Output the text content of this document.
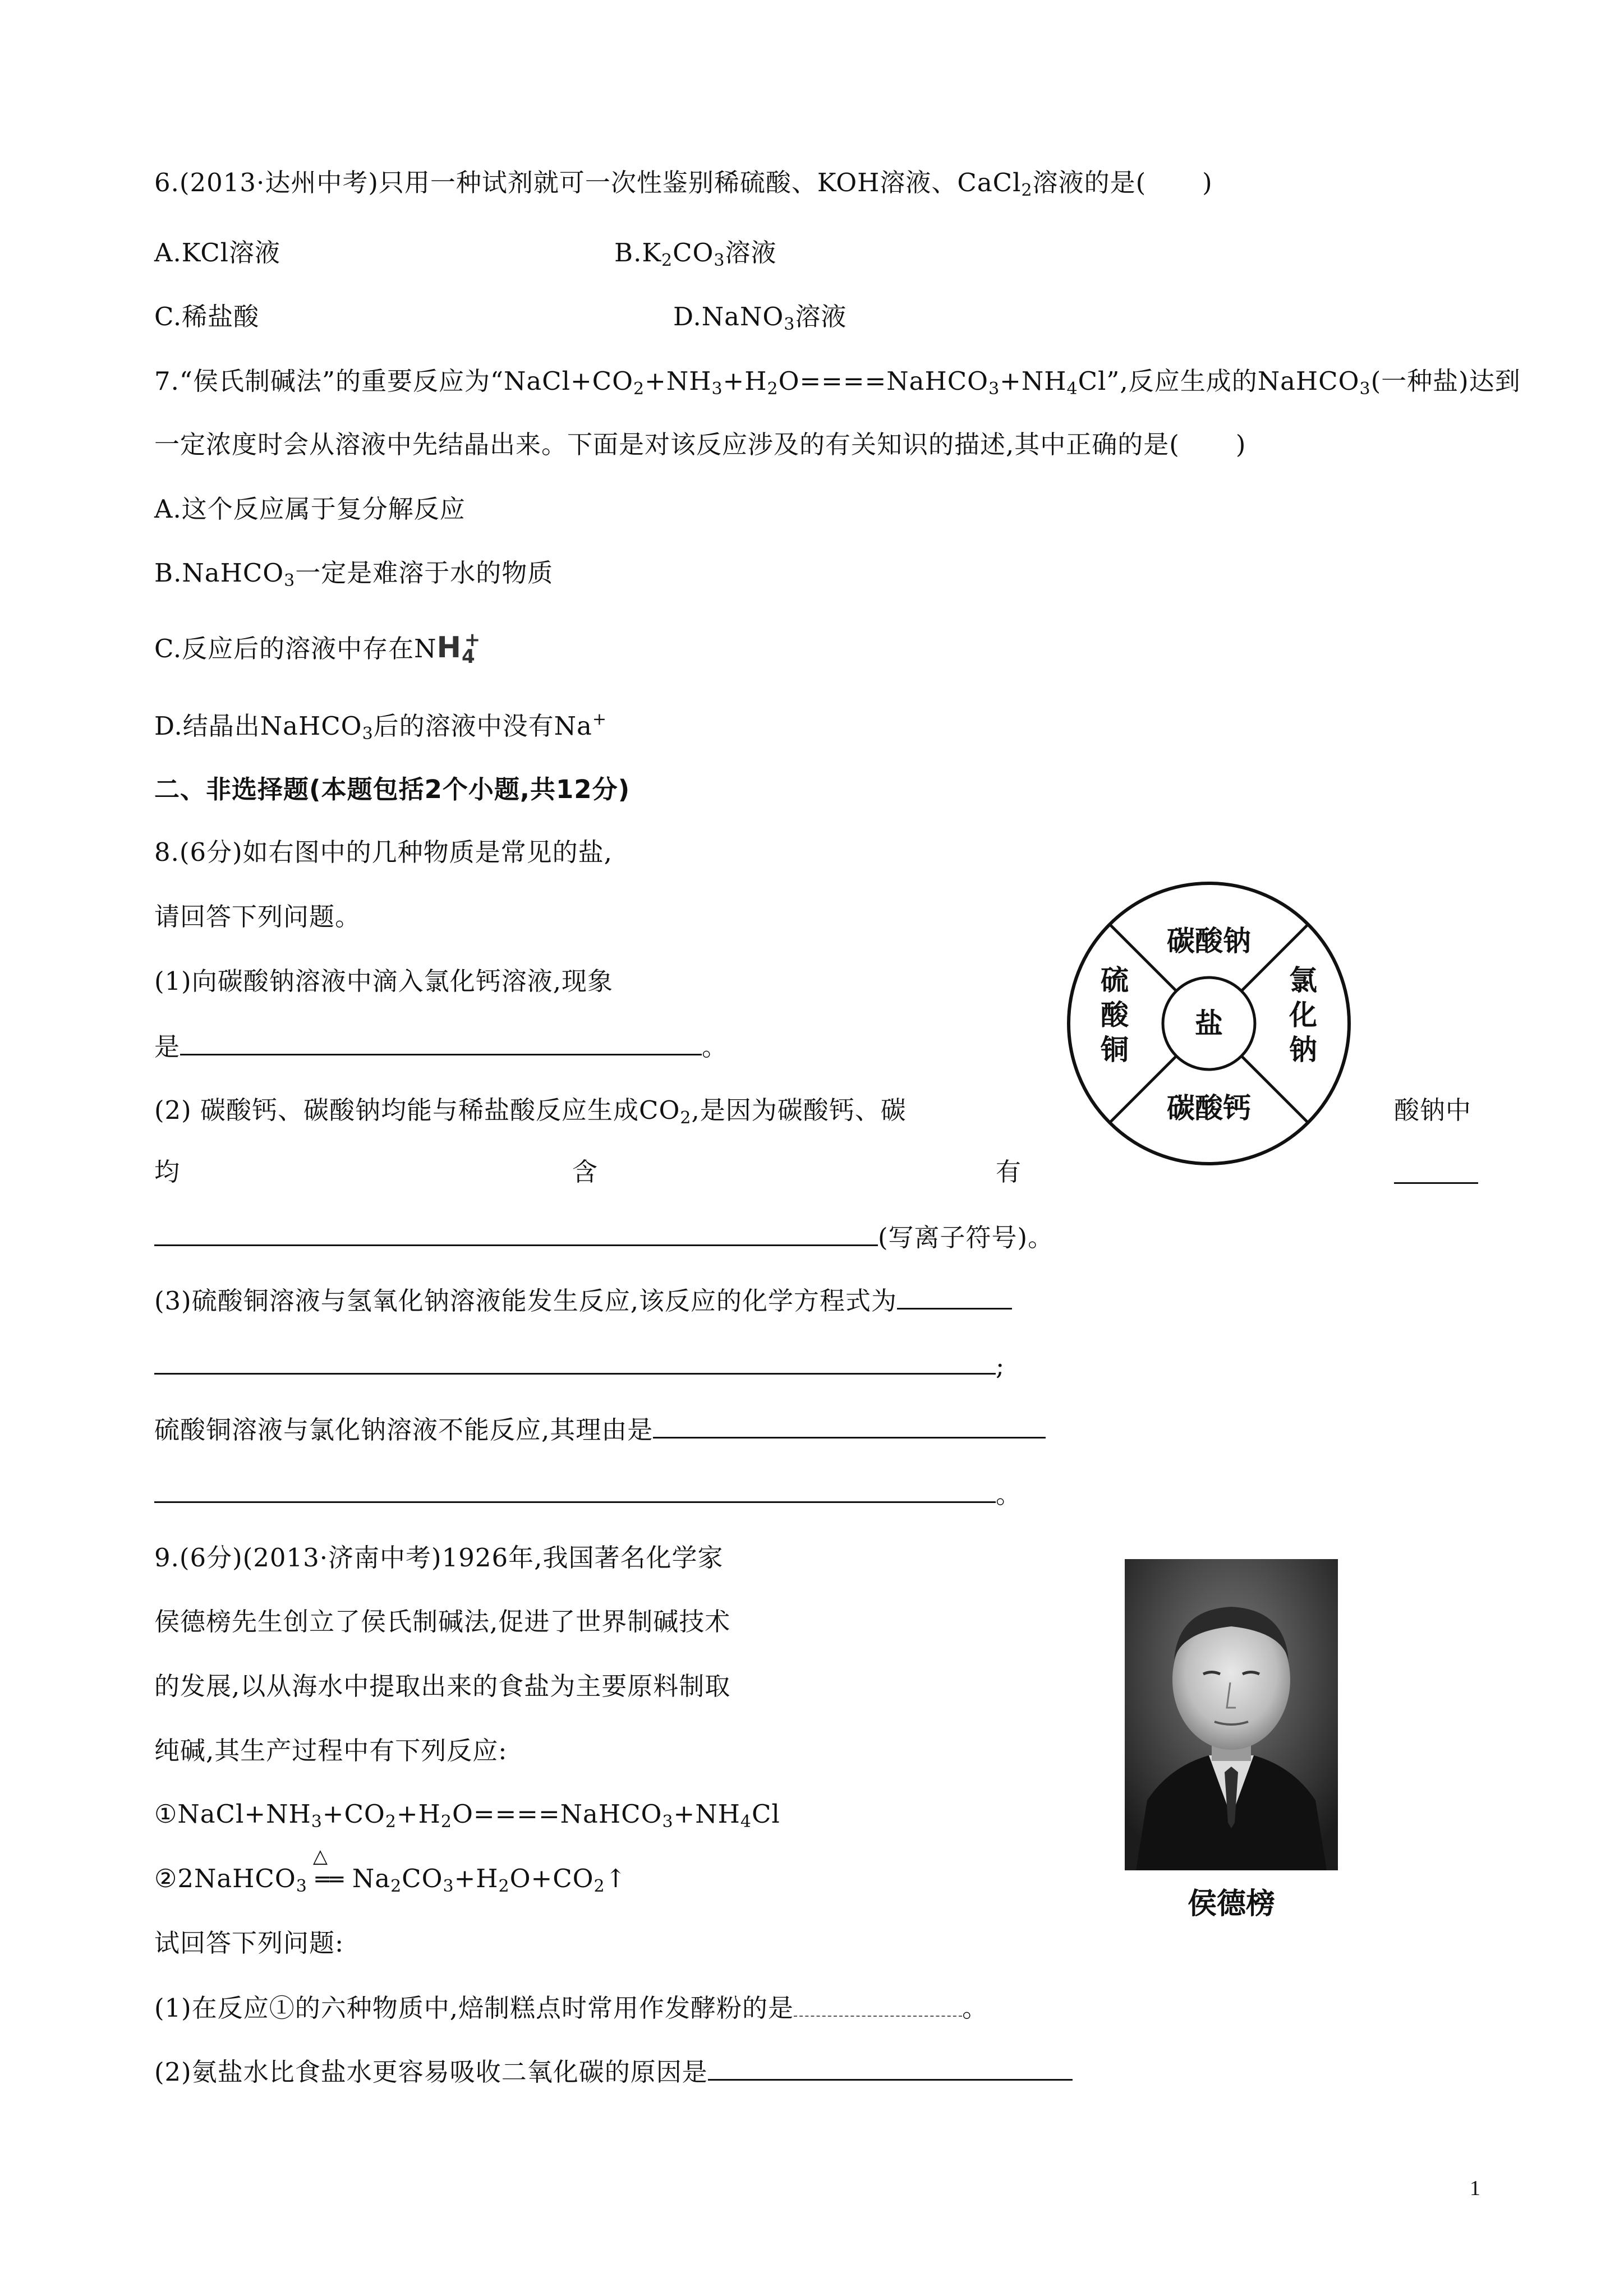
6.(2013·达州中考)只用一种试剂就可一次性鉴别稀硫酸、KOH溶液、CaCl$_2$溶液的是( )
A.KCl溶液	$B.K_2CO_3$溶液
C.稀盐酸	D.NaNO$_3$溶液
7.“侯氏制碱法”的重要反应为“$NaCl+CO_2+NH_3+H_2O====NaHCO_3+NH_4Cl$”,反应生成的NaHCO$_3$(一种盐)达到
一定浓度时会从溶液中先结晶出来。下面是对该反应涉及的有关知识的描述,其中正确的是( )
A.这个反应属于复分解反应
B.NaHCO$_3$一定是难溶于水的物质
C.反应后的溶液中存在$NH_4^+$
D.结晶出NaHCO$_3$后的溶液中没有Na+
二、非选择题(本题包括2个小题,共12分)
8.(6分)如右图中的几种物质是常见的盐,
请回答下列问题。
(1)向碳酸钠溶液中滴入氯化钙溶液,现象
是	。
盐
碳酸钠
碳酸钙
硫
酸
铜
氯
化
钠
(2) 碳酸钙、碳酸钠均能与稀盐酸反应生成$CO_2$,是因为碳酸钙、碳	酸钠中
均	含	有
(写离子符号)。
(3)硫酸铜溶液与氢氧化钠溶液能发生反应,该反应的化学方程式为
;
硫酸铜溶液与氯化钠溶液不能反应,其理由是
。
9.(6分)(2013·济南中考)1926年,我国著名化学家
侯德榜先生创立了侯氏制碱法,促进了世界制碱技术
的发展,以从海水中提取出来的食盐为主要原料制取
纯碱,其生产过程中有下列反应:
$①NaCl+NH_3+CO_2+H_2O====NaHCO_3+NH_4Cl$
②2NaHCO$_3$
△
══ $Na_2CO_3+H_2O+CO_2↑$
试回答下列问题:
(1)在反应①的六种物质中,焙制糕点时常用作发酵粉的是	。
(2)氨盐水比食盐水更容易吸收二氧化碳的原因是
侯德榜
1
